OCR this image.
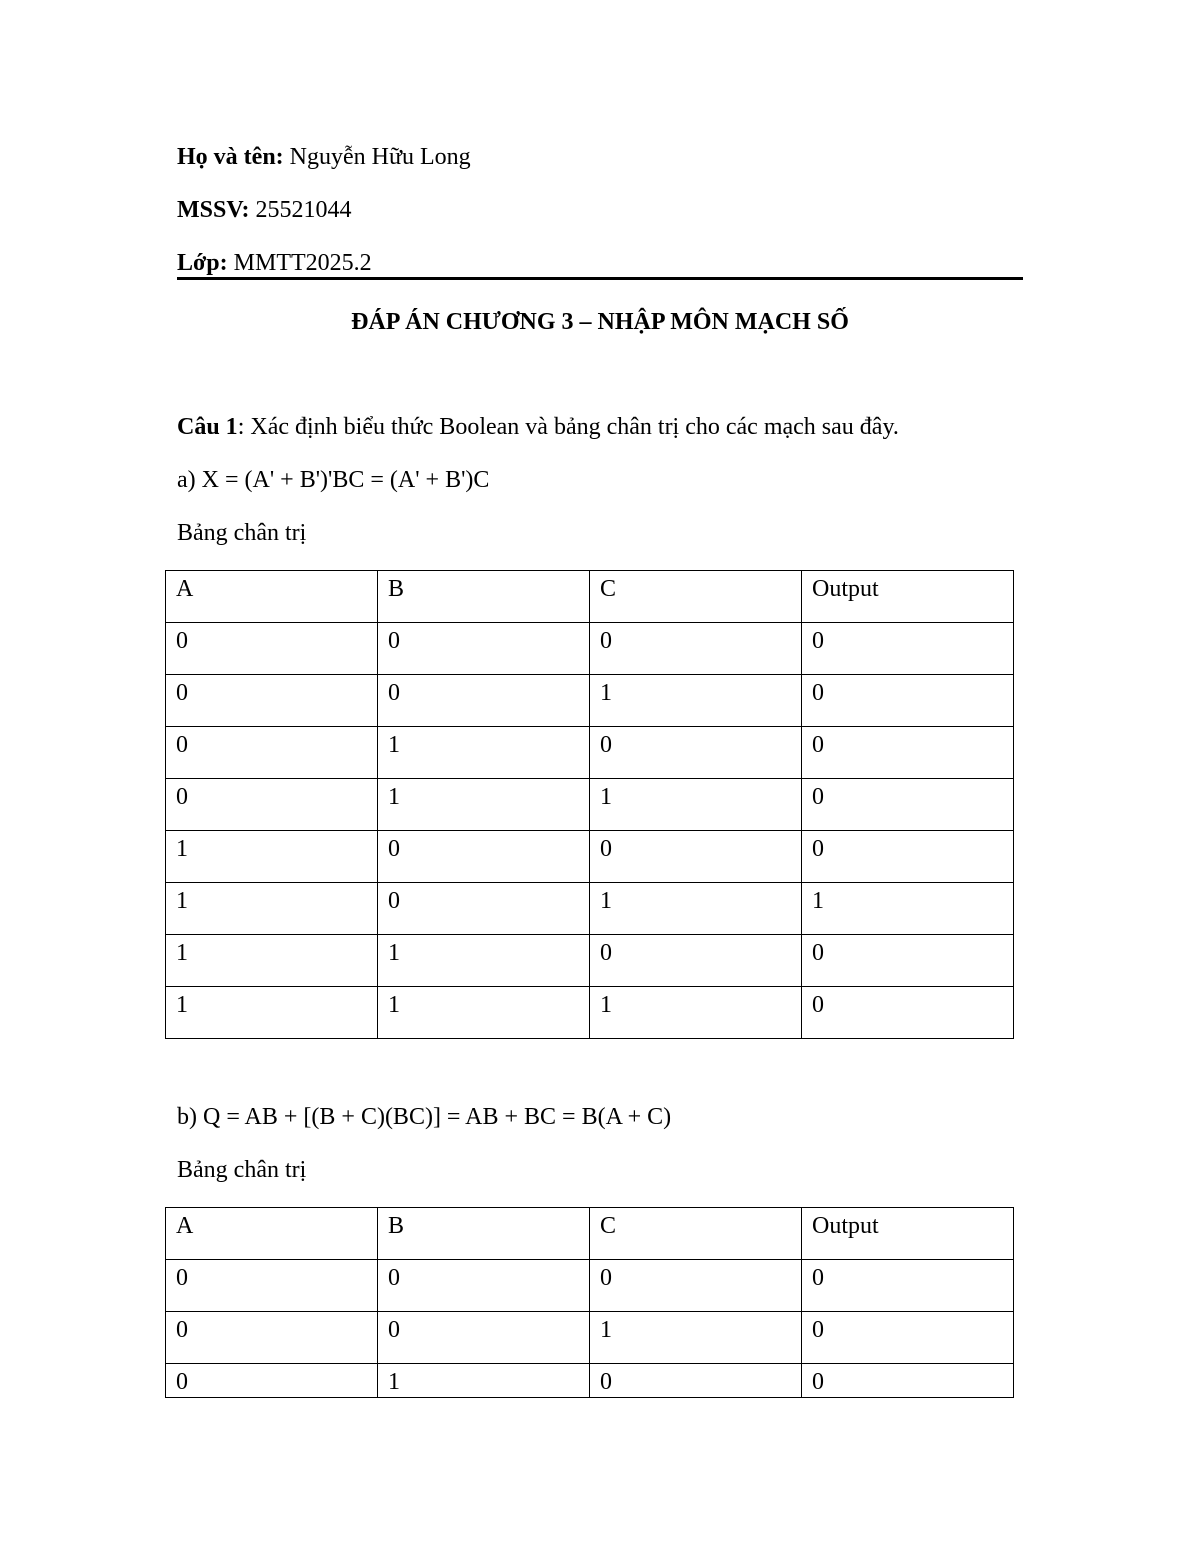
Họ và tên: Nguyễn Hữu Long

MSSV: 25521044

Lớp: MMTT2025.2

ĐÁP ÁN CHƯƠNG 3 – NHẬP MÔN MẠCH SỐ

Câu 1: Xác định biểu thức Boolean và bảng chân trị cho các mạch sau đây.

a) X = (A' + B')'BC = (A' + B')C

Bảng chân trị

A	B	C	Output
0	0	0	0
0	0	1	0
0	1	0	0
0	1	1	0
1	0	0	0
1	0	1	1
1	1	0	0
1	1	1	0

b) Q = AB + [(B + C)(BC)] = AB + BC = B(A + C)

Bảng chân trị

A	B	C	Output
0	0	0	0
0	0	1	0
0	1	0	0
